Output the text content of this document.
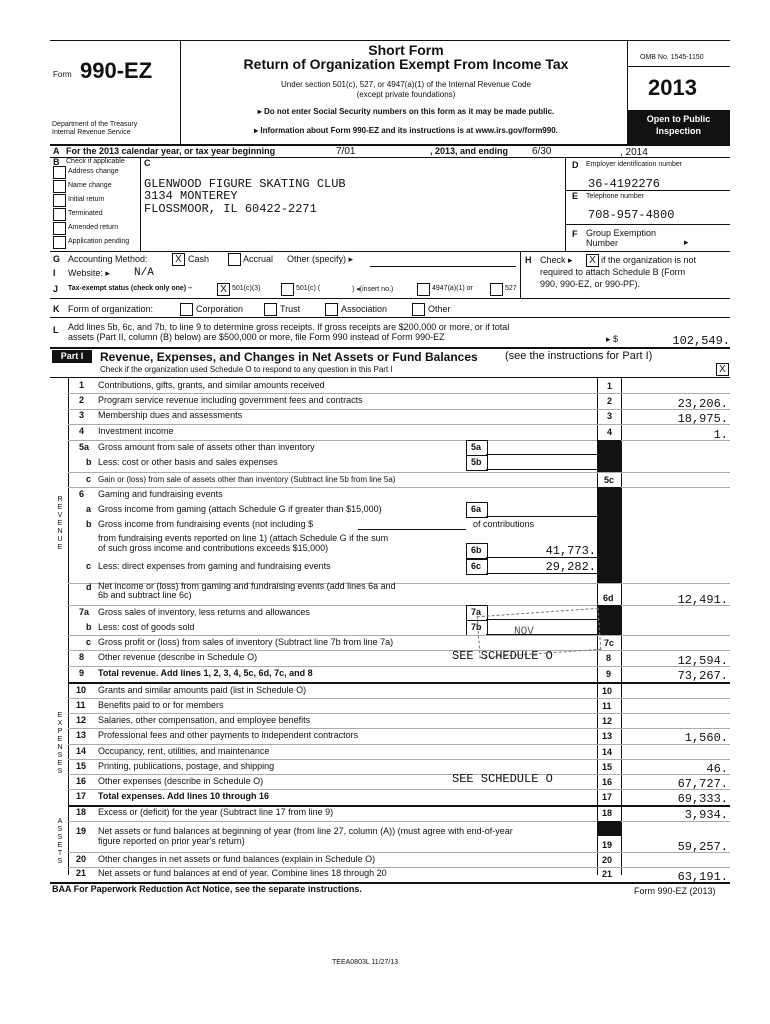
Form 990-EZ
Department of the Treasury
Internal Revenue Service
Short Form
Return of Organization Exempt From Income Tax
Under section 501(c), 527, or 4947(a)(1) of the Internal Revenue Code
(except private foundations)
▸ Do not enter Social Security numbers on this form as it may be made public.
▸ Information about Form 990-EZ and its instructions is at www.irs.gov/form990.
OMB No. 1545-1150
2013
Open to Public
Inspection
A For the 2013 calendar year, or tax year beginning	7/01	, 2013, and ending 6/30	, 2014
B Check if applicable
Address change
Name change
Initial return
Terminated
Amended return
Application pending
C
GLENWOOD FIGURE SKATING CLUB
3134 MONTEREY
FLOSSMOOR, IL 60422-2271
D Employer identification number
36-4192276
E Telephone number
708-957-4800
F Group Exemption
Number	▸
G Accounting Method:	X Cash	Accrual Other (specify) ▸	H Check ▸	X if the organization is not
required to attach Schedule B (Form
990, 990-EZ, or 990-PF).
I Website: ▸ N/A
J Tax-exempt status (check only one) –	X 501(c)(3)	501(c) (	) ◂(insert no.)	4947(a)(1) or	527
K Form of organization:	Corporation	Trust	Association	Other
L Add lines 5b, 6c, and 7b, to line 9 to determine gross receipts. If gross receipts are $200,000 or more, or if total
assets (Part II, column (B) below) are $500,000 or more, file Form 990 instead of Form 990-EZ	▸ $	102,549.
Part I	Revenue, Expenses, and Changes in Net Assets or Fund Balances (see the instructions for Part I)
Check if the organization used Schedule O to respond to any question in this Part I	X
REVENUE
EXPENSES
ASSETS
1 Contributions, gifts, grants, and similar amounts received	1
2 Program service revenue including government fees and contracts	2	23,206.
3 Membership dues and assessments	3	18,975.
4 Investment income	4	1.
5a Gross amount from sale of assets other than inventory	5a
b Less: cost or other basis and sales expenses	5b
c Gain or (loss) from sale of assets other than inventory (Subtract line 5b from line 5a)	5c
6 Gaming and fundraising events
a Gross income from gaming (attach Schedule G if greater than $15,000)	6a
b Gross income from fundraising events (not including $	of contributions
from fundraising events reported on line 1) (attach Schedule G if the sum
of such gross income and contributions exceeds $15,000)	6b	41,773.
c Less: direct expenses from gaming and fundraising events	6c	29,282.
d Net income or (loss) from gaming and fundraising events (add lines 6a and
6b and subtract line 6c)	6d	12,491.
7a Gross sales of inventory, less returns and allowances	7a
b Less: cost of goods sold	7b
c Gross profit or (loss) from sales of inventory (Subtract line 7b from line 7a)	7c
NOV
8 Other revenue (describe in Schedule O)	SEE SCHEDULE O	8	12,594.
9 Total revenue. Add lines 1, 2, 3, 4, 5c, 6d, 7c, and 8	9	73,267.
10 Grants and similar amounts paid (list in Schedule O)	10
11 Benefits paid to or for members	11
12 Salaries, other compensation, and employee benefits	12
13 Professional fees and other payments to independent contractors	13	1,560.
14 Occupancy, rent, utilities, and maintenance	14
15 Printing, publications, postage, and shipping	15	46.
16 Other expenses (describe in Schedule O)	SEE SCHEDULE O	16	67,727.
17 Total expenses. Add lines 10 through 16	17	69,333.
18 Excess or (deficit) for the year (Subtract line 17 from line 9)	18	3,934.
19 Net assets or fund balances at beginning of year (from line 27, column (A)) (must agree with end-of-year
figure reported on prior year's return)	19	59,257.
20 Other changes in net assets or fund balances (explain in Schedule O)	20
21 Net assets or fund balances at end of year. Combine lines 18 through 20	21	63,191.
BAA For Paperwork Reduction Act Notice, see the separate instructions.	Form 990-EZ (2013)
TEEA0803L 11/27/13
